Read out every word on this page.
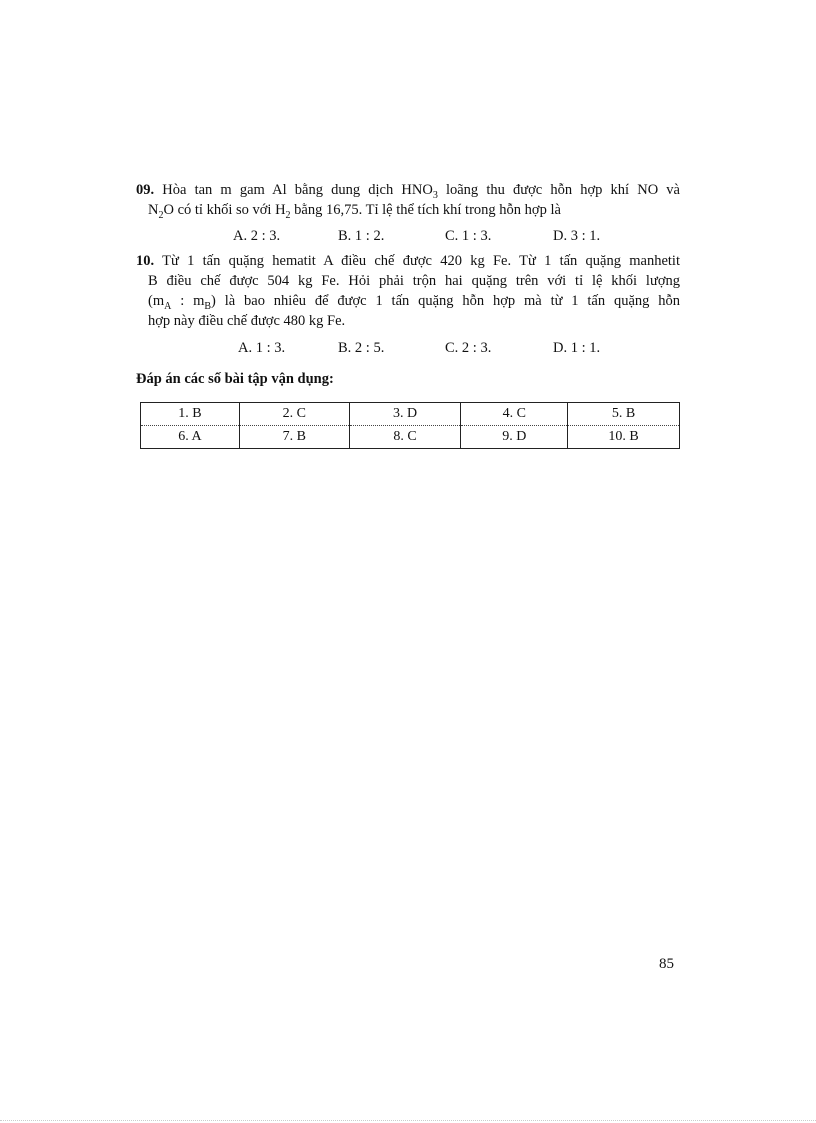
09. Hòa tan m gam Al bằng dung dịch $HNO_3$ loãng thu được hỗn hợp khí NO và
$N_2O$ có tỉ khối so với $H_2$ bằng 16,75. Tỉ lệ thể tích khí trong hỗn hợp là
A. 2 : 3.	B. 1 : 2.	C. 1 : 3.	D. 3 : 1.
10. Từ 1 tấn quặng hematit A điều chế được 420 kg Fe. Từ 1 tấn quặng manhetit
B điều chế được 504 kg Fe. Hỏi phải trộn hai quặng trên với tỉ lệ khối lượng
($m_A$ : $m_B$) là bao nhiêu để được 1 tấn quặng hỗn hợp mà từ 1 tấn quặng hỗn
hợp này điều chế được 480 kg Fe.
A. 1 : 3.	B. 2 : 5.	C. 2 : 3.	D. 1 : 1.
Đáp án các số bài tập vận dụng:
1. B	2. C	3. D	4. C	5. B
6. A	7. B	8. C	9. D	10. B
85
